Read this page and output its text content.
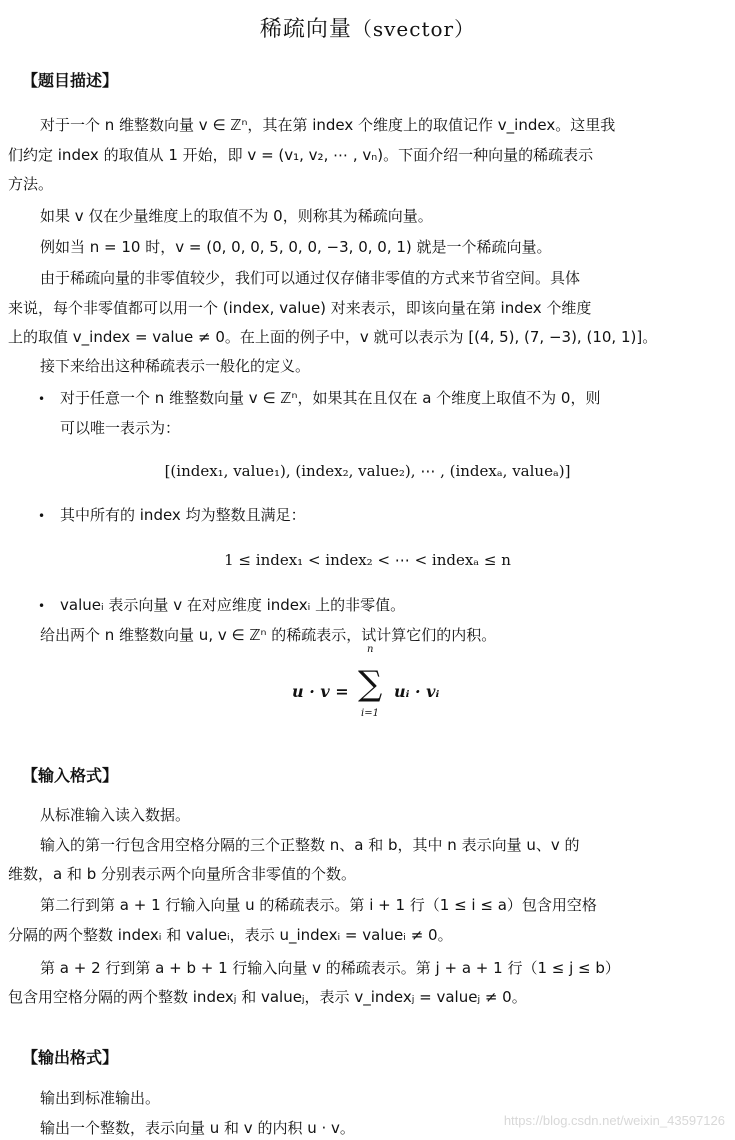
稀疏向量（svector）
【题目描述】
对于一个 n 维整数向量 v ∈ ℤⁿ，其在第 index 个维度上的取值记作 v_index。这里我
们约定 index 的取值从 1 开始，即 v = (v₁, v₂, ⋯ , vₙ)。下面介绍一种向量的稀疏表示
方法。
如果 v 仅在少量维度上的取值不为 0，则称其为稀疏向量。
例如当 n = 10 时，v = (0, 0, 0, 5, 0, 0, −3, 0, 0, 1) 就是一个稀疏向量。
由于稀疏向量的非零值较少，我们可以通过仅存储非零值的方式来节省空间。具体
来说，每个非零值都可以用一个 (index, value) 对来表示，即该向量在第 index 个维度
上的取值 v_index = value ≠ 0。在上面的例子中，v 就可以表示为 [(4, 5), (7, −3), (10, 1)]。
接下来给出这种稀疏表示一般化的定义。
• 对于任意一个 n 维整数向量 v ∈ ℤⁿ，如果其在且仅在 a 个维度上取值不为 0，则
可以唯一表示为：
[(index₁, value₁), (index₂, value₂), ⋯ , (indexₐ, valueₐ)]
• 其中所有的 index 均为整数且满足：
1 ≤ index₁ < index₂ < ⋯ < indexₐ ≤ n
• valueᵢ 表示向量 v 在对应维度 indexᵢ 上的非零值。
给出两个 n 维整数向量 u, v ∈ ℤⁿ 的稀疏表示，试计算它们的内积。
u · v =
n
∑
i=1
uᵢ · vᵢ
【输入格式】
从标准输入读入数据。
输入的第一行包含用空格分隔的三个正整数 n、a 和 b，其中 n 表示向量 u、v 的
维数，a 和 b 分别表示两个向量所含非零值的个数。
第二行到第 a + 1 行输入向量 u 的稀疏表示。第 i + 1 行（1 ≤ i ≤ a）包含用空格
分隔的两个整数 indexᵢ 和 valueᵢ，表示 u_indexᵢ = valueᵢ ≠ 0。
第 a + 2 行到第 a + b + 1 行输入向量 v 的稀疏表示。第 j + a + 1 行（1 ≤ j ≤ b）
包含用空格分隔的两个整数 indexⱼ 和 valueⱼ，表示 v_indexⱼ = valueⱼ ≠ 0。
【输出格式】
输出到标准输出。
输出一个整数，表示向量 u 和 v 的内积 u · v。	https://blog.csdn.net/weixin_43597126
